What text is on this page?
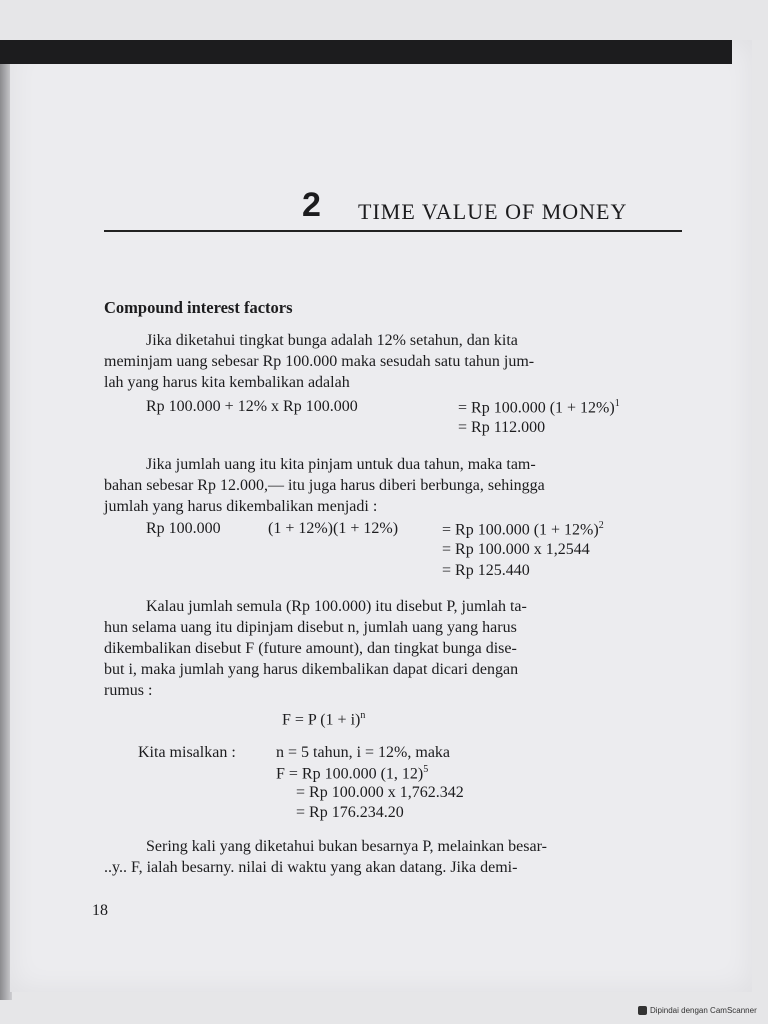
2 TIME VALUE OF MONEY
Compound interest factors
Jika diketahui tingkat bunga adalah 12% setahun, dan kita
meminjam uang sebesar Rp 100.000 maka sesudah satu tahun jum-
lah yang harus kita kembalikan adalah
Rp 100.000 + 12% x Rp 100.000	= Rp 100.000 $(1 + 12\%)^1$
= Rp 112.000
Jika jumlah uang itu kita pinjam untuk dua tahun, maka tam-
bahan sebesar Rp 12.000,— itu juga harus diberi berbunga, sehingga
jumlah yang harus dikembalikan menjadi :
Rp 100.000	(1 + 12%)(1 + 12%)	= Rp 100.000 $(1 + 12\%)^2$
= Rp 100.000 x 1,2544
= Rp 125.440
Kalau jumlah semula (Rp 100.000) itu disebut P, jumlah ta-
hun selama uang itu dipinjam disebut n, jumlah uang yang harus
dikembalikan disebut F (future amount), dan tingkat bunga dise-
but i, maka jumlah yang harus dikembalikan dapat dicari dengan
rumus :
F = P $(1 + i)^n$
Kita misalkan :	n = 5 tahun, i = 12%, maka
F = Rp 100.000 (1, 12)$^5$
= Rp 100.000 x 1,762.342
= Rp 176.234.20
Sering kali yang diketahui bukan besarnya P, melainkan besar-
..y.. F, ialah besarny. nilai di waktu yang akan datang. Jika demi-
18
Dipindai dengan CamScanner
